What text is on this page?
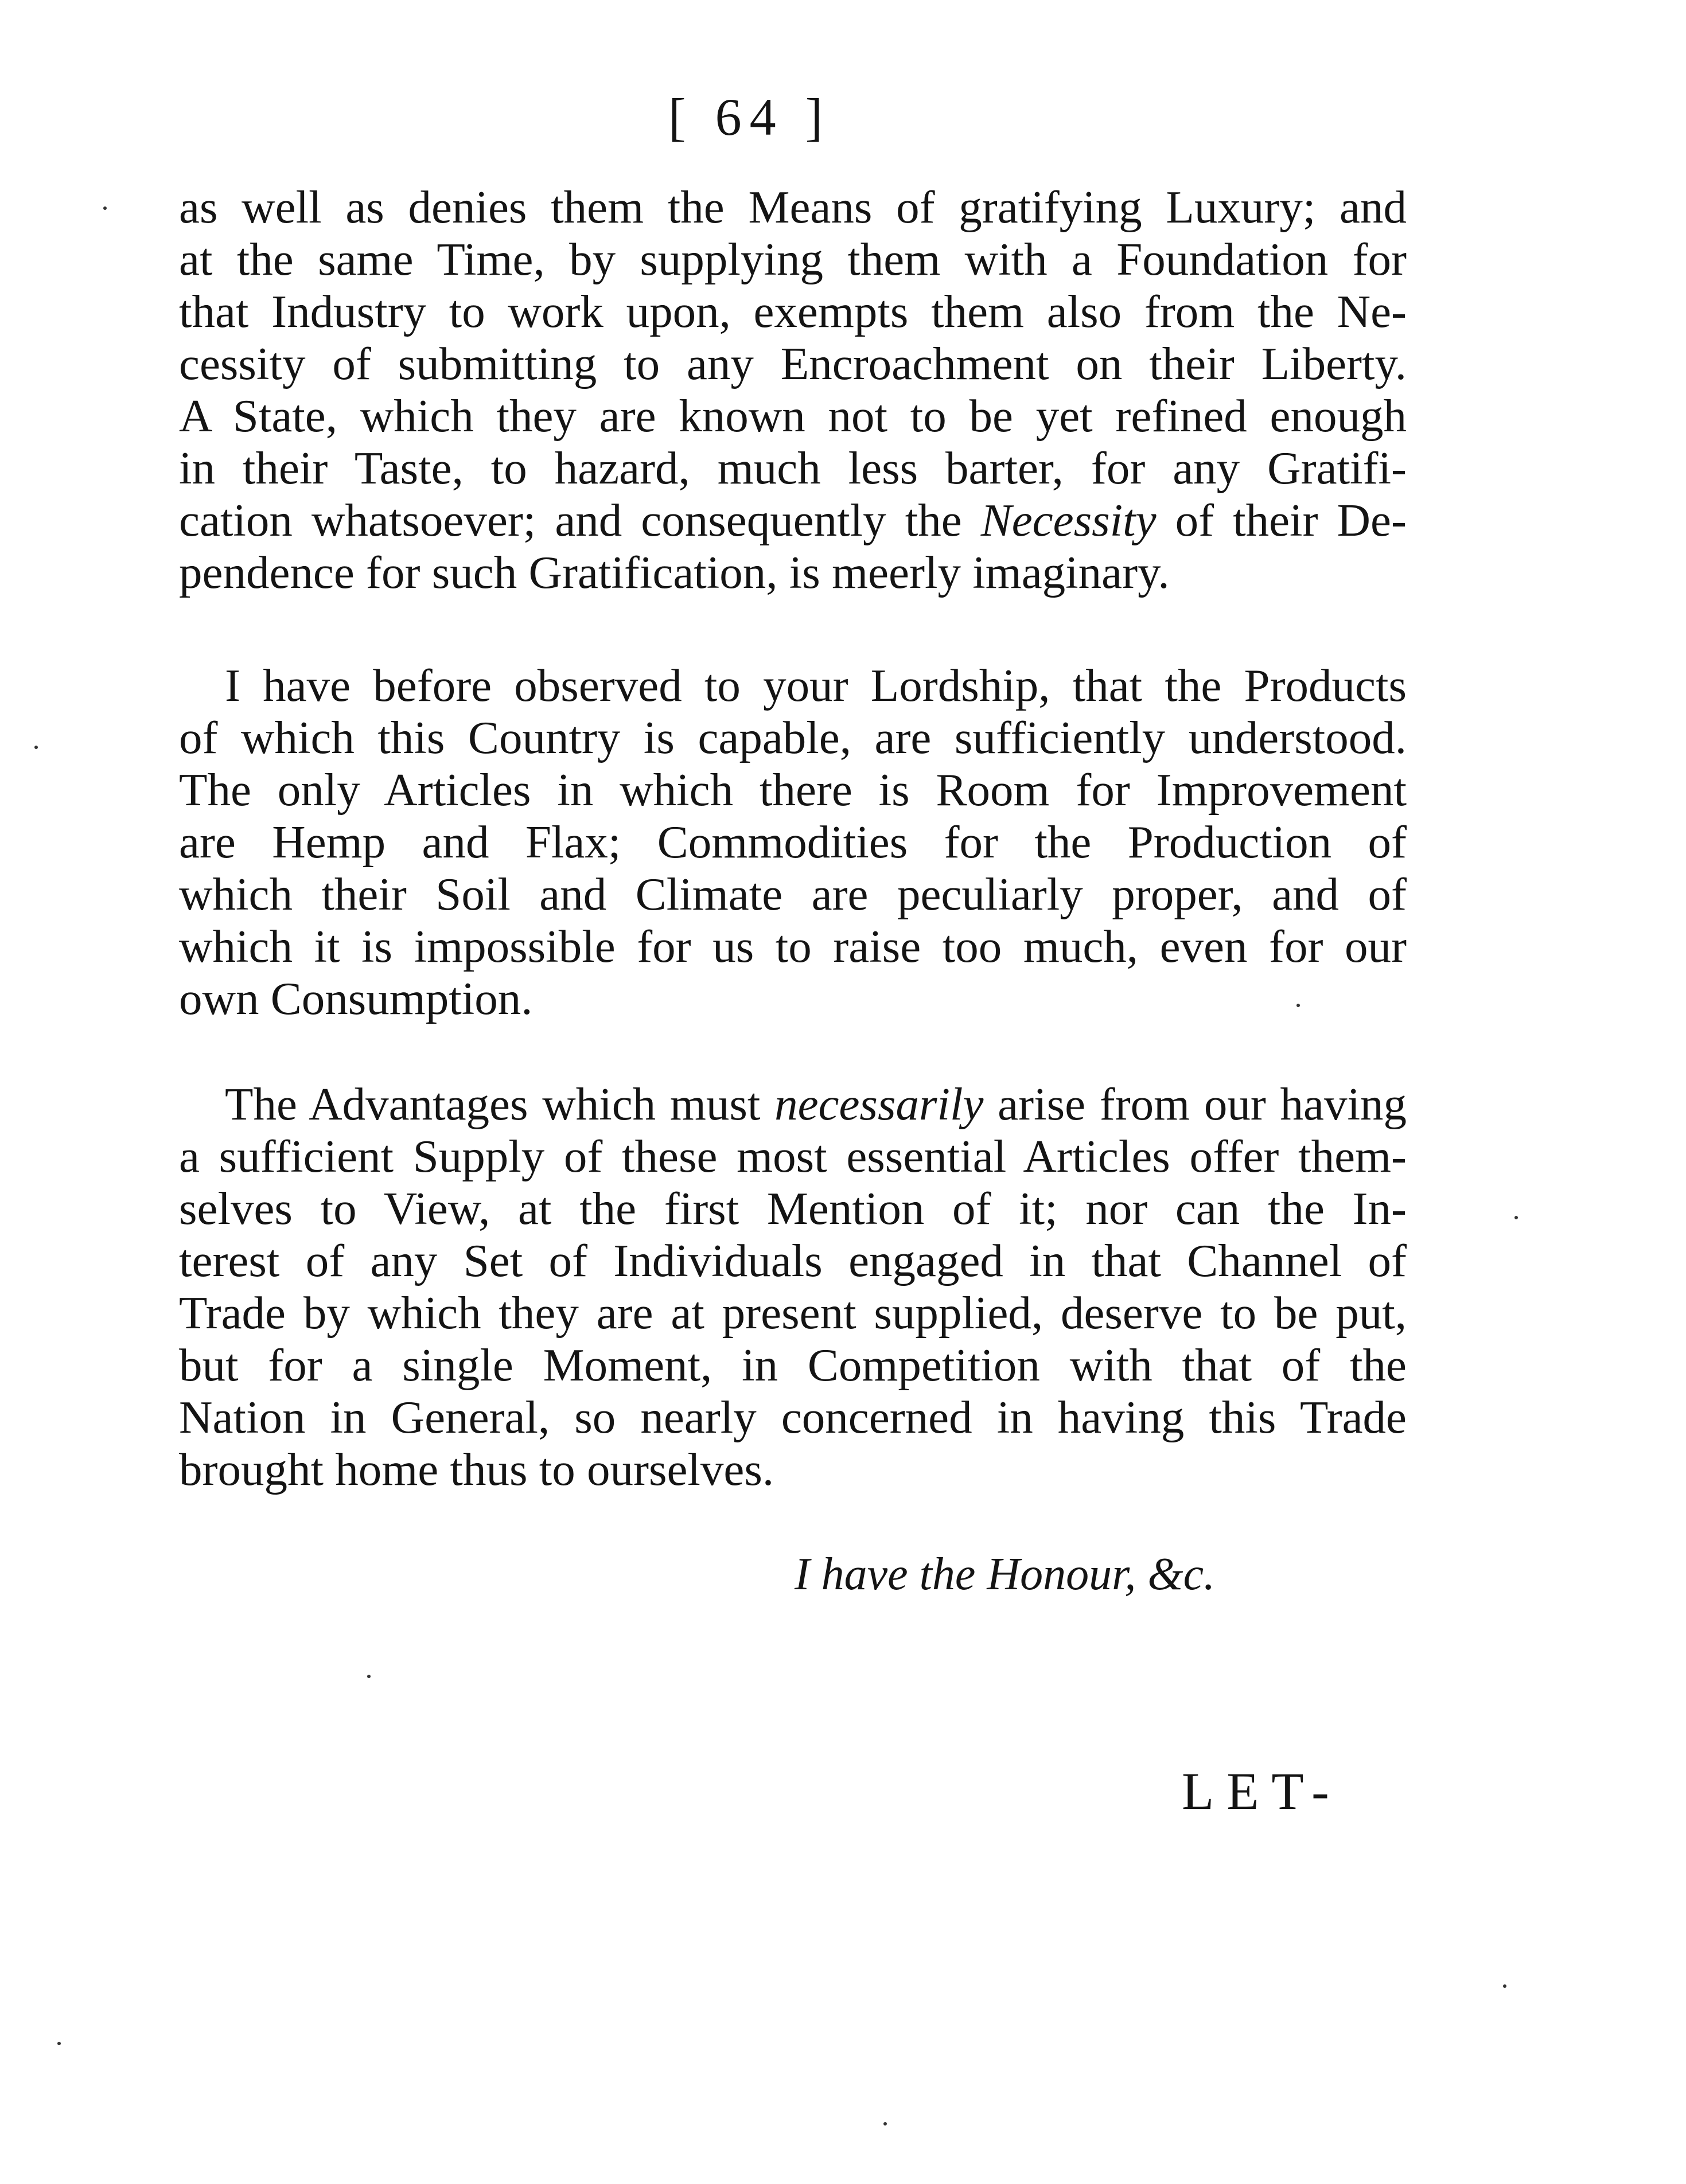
[ 64 ]
as well as denies them the Means of gratifying Luxury; and
at the same Time, by supplying them with a Foundation for
that Industry to work upon, exempts them also from the Ne-
cessity of submitting to any Encroachment on their Liberty.
A State, which they are known not to be yet refined enough
in their Taste, to hazard, much less barter, for any Gratifi-
cation whatsoever; and consequently the Necessity of their De-
pendence for such Gratification, is meerly imaginary.
I have before observed to your Lordship, that the Products
of which this Country is capable, are sufficiently understood.
The only Articles in which there is Room for Improvement
are Hemp and Flax; Commodities for the Production of
which their Soil and Climate are peculiarly proper, and of
which it is impossible for us to raise too much, even for our
own Consumption.
The Advantages which must necessarily arise from our having
a sufficient Supply of these most essential Articles offer them-
selves to View, at the first Mention of it; nor can the In-
terest of any Set of Individuals engaged in that Channel of
Trade by which they are at present supplied, deserve to be put,
but for a single Moment, in Competition with that of the
Nation in General, so nearly concerned in having this Trade
brought home thus to ourselves.
I have the Honour, &c.
LET-
